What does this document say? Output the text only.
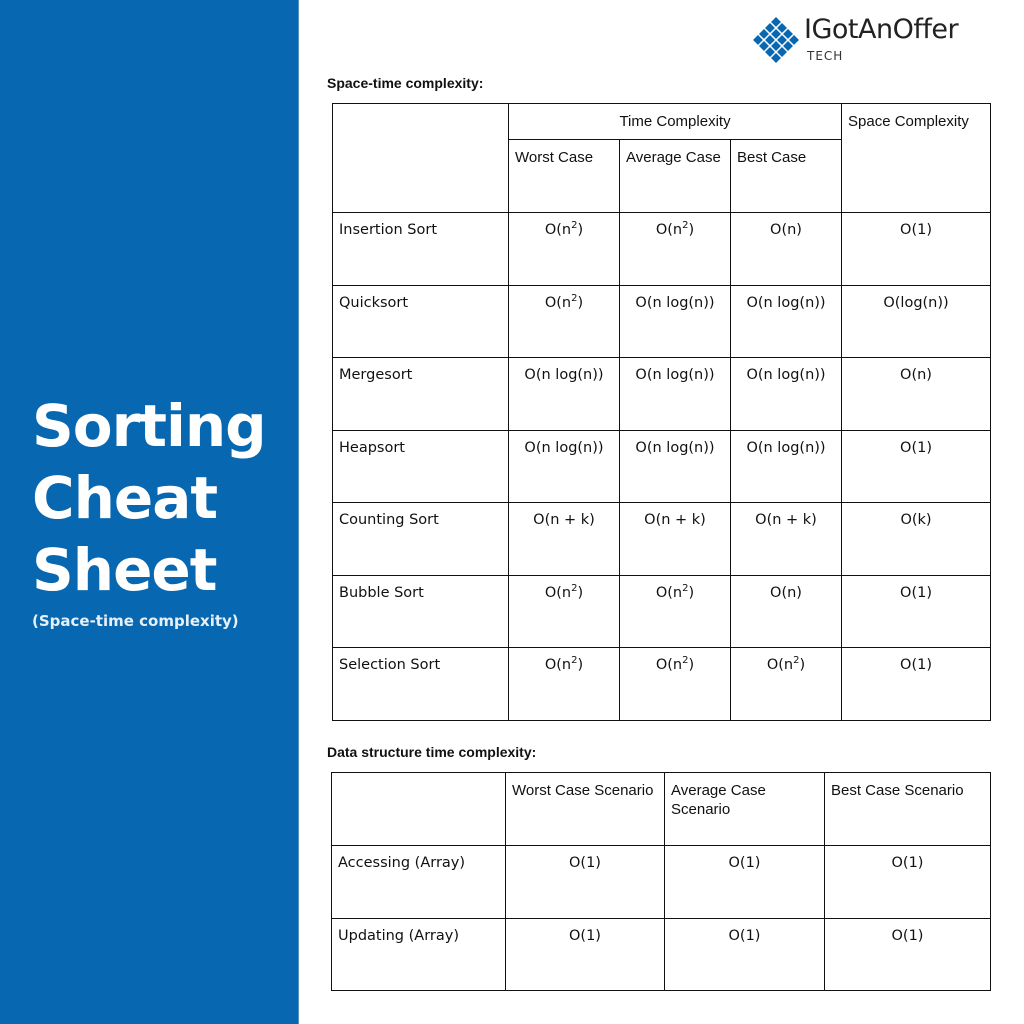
Sorting
Cheat
Sheet
(Space-time complexity)
IGotAnOffer
TECH
Space-time complexity:
	Time Complexity			Space Complexity
	Worst Case	Average Case	Best Case	
Insertion Sort	$O(n^2)$	$O(n^2)$	O(n)	O(1)
Quicksort	$O(n^2)$	O(n log(n))	O(n log(n))	O(log(n))
Mergesort	O(n log(n))	O(n log(n))	O(n log(n))	O(n)
Heapsort	O(n log(n))	O(n log(n))	O(n log(n))	O(1)
Counting Sort	O(n + k)	O(n + k)	O(n + k)	O(k)
Bubble Sort	$O(n^2)$	$O(n^2)$	O(n)	O(1)
Selection Sort	$O(n^2)$	$O(n^2)$	$O(n^2)$	O(1)
Data structure time complexity:
	Worst Case Scenario	Average Case Scenario	Best Case Scenario
Accessing (Array)	O(1)	O(1)	O(1)
Updating (Array)	O(1)	O(1)	O(1)
